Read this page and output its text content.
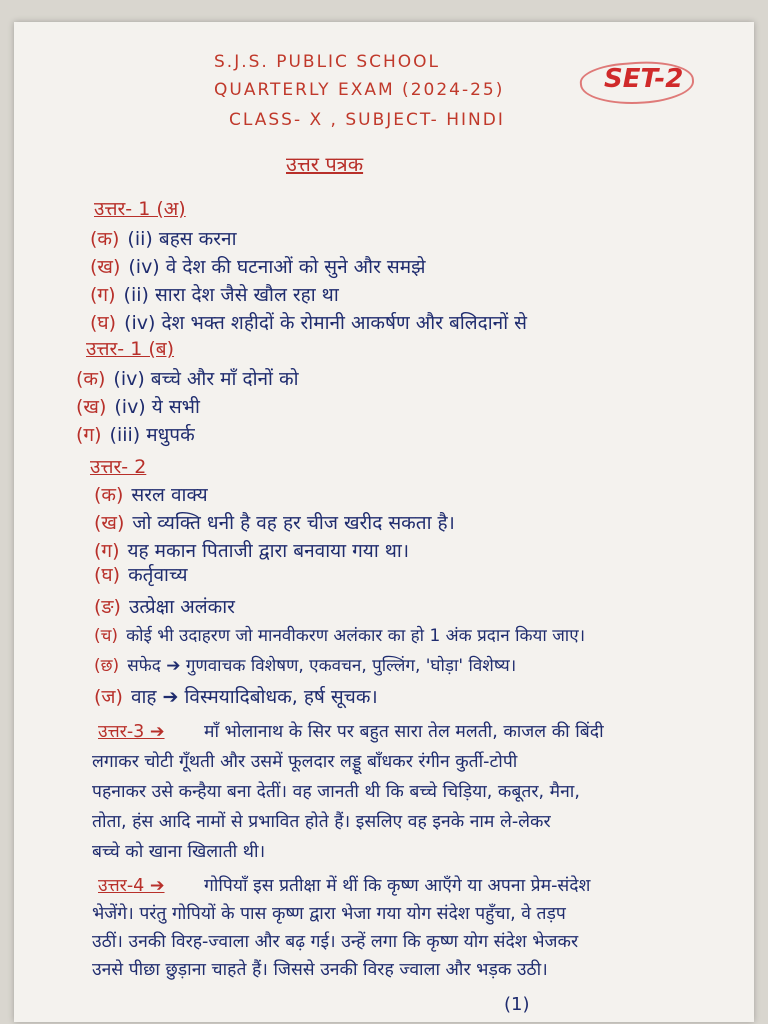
S.J.S. PUBLIC SCHOOL
QUARTERLY EXAM (2024-25)
CLASS- X , SUBJECT- HINDI
SET-2
उत्तर पत्रक
उत्तर- 1 (अ)
(क) (ii) बहस करना
(ख) (iv) वे देश की घटनाओं को सुने और समझे
(ग) (ii) सारा देश जैसे खौल रहा था
(घ) (iv) देश भक्त शहीदों के रोमानी आकर्षण और बलिदानों से
उत्तर- 1 (ब)
(क) (iv) बच्चे और माँ दोनों को
(ख) (iv) ये सभी
(ग) (iii) मधुपर्क
उत्तर- 2
(क) सरल वाक्य
(ख) जो व्यक्ति धनी है वह हर चीज खरीद सकता है।
(ग) यह मकान पिताजी द्वारा बनवाया गया था।
(घ) कर्तृवाच्य
(ङ) उत्प्रेक्षा अलंकार
(च) कोई भी उदाहरण जो मानवीकरण अलंकार का हो 1 अंक प्रदान किया जाए।
(छ) सफेद ➔ गुणवाचक विशेषण, एकवचन, पुल्लिंग, 'घोड़ा' विशेष्य।
(ज) वाह ➔ विस्मयादिबोधक, हर्ष सूचक।
उत्तर-3 ➔ माँ भोलानाथ के सिर पर बहुत सारा तेल मलती, काजल की बिंदी
लगाकर चोटी गूँथती और उसमें फूलदार लड्डू बाँधकर रंगीन कुर्ती-टोपी
पहनाकर उसे कन्हैया बना देतीं। वह जानती थी कि बच्चे चिड़िया, कबूतर, मैना,
तोता, हंस आदि नामों से प्रभावित होते हैं। इसलिए वह इनके नाम ले-लेकर
बच्चे को खाना खिलाती थी।
उत्तर-4 ➔ गोपियाँ इस प्रतीक्षा में थीं कि कृष्ण आएँगे या अपना प्रेम-संदेश
भेजेंगे। परंतु गोपियों के पास कृष्ण द्वारा भेजा गया योग संदेश पहुँचा, वे तड़प
उठीं। उनकी विरह-ज्वाला और बढ़ गई। उन्हें लगा कि कृष्ण योग संदेश भेजकर
उनसे पीछा छुड़ाना चाहते हैं। जिससे उनकी विरह ज्वाला और भड़क उठी।
(1)
